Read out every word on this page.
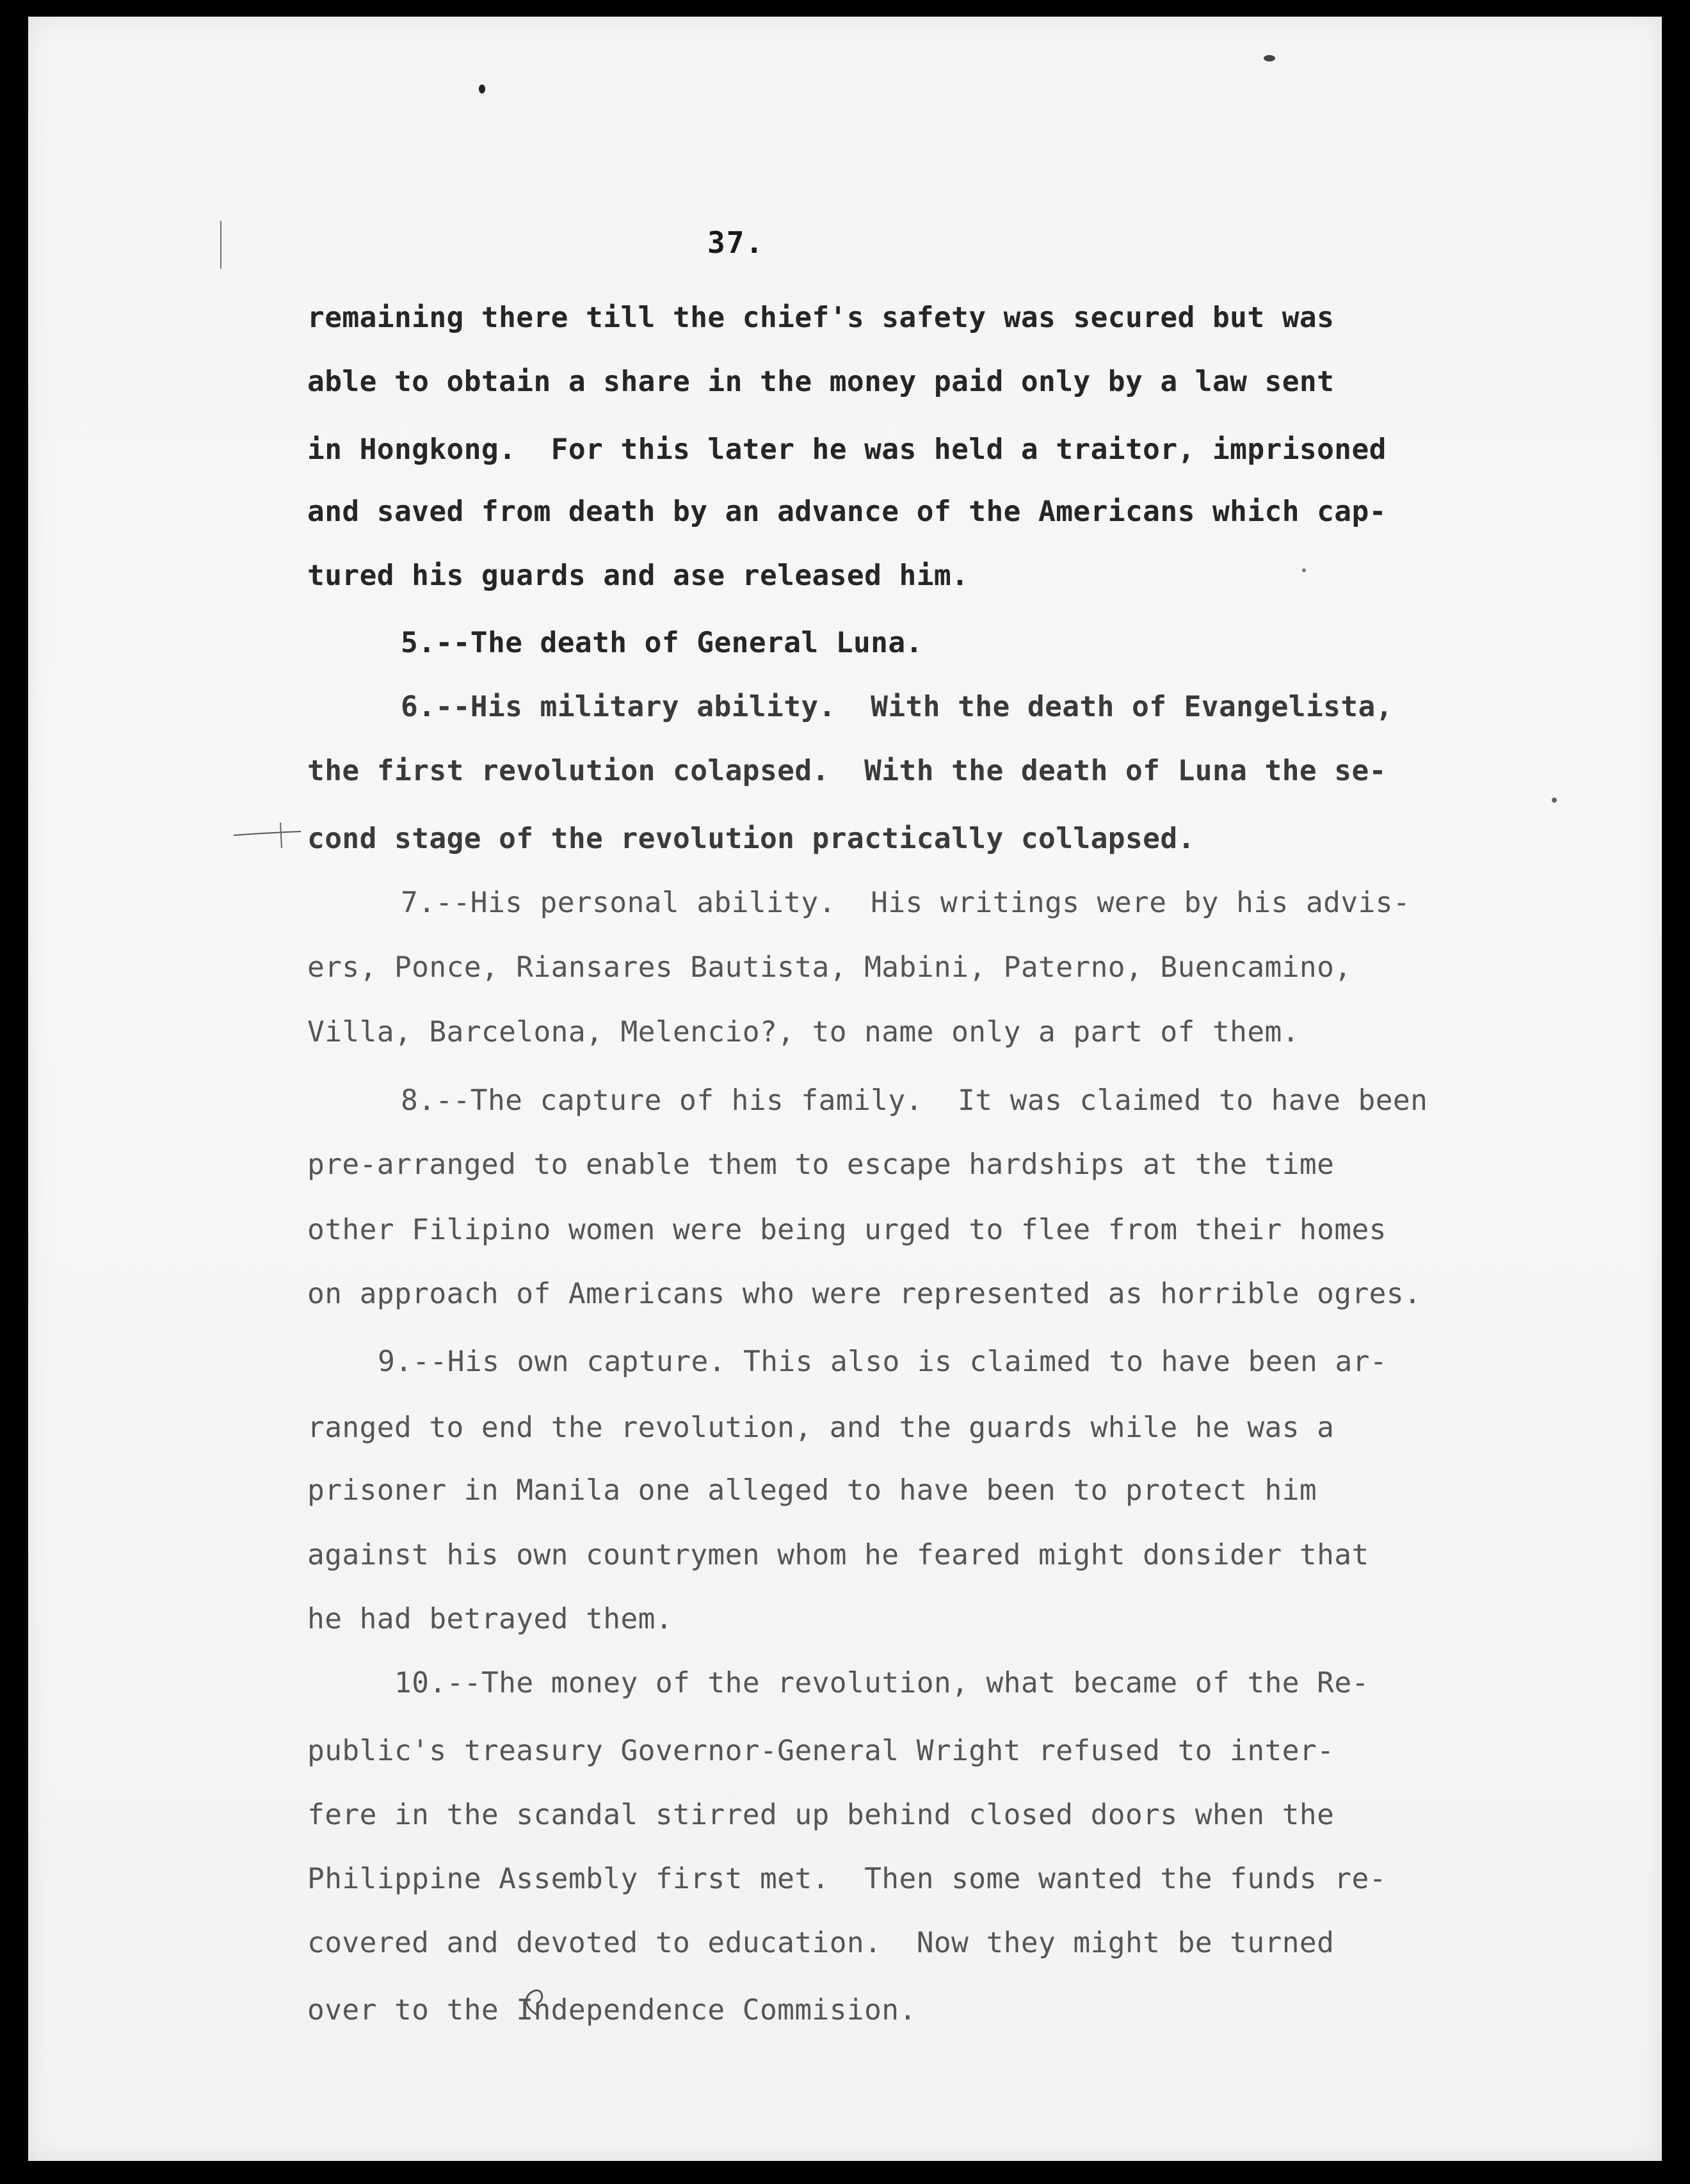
37.
remaining there till the chief's safety was secured but was
able to obtain a share in the money paid only by a law sent
in Hongkong.  For this later he was held a traitor, imprisoned
and saved from death by an advance of the Americans which cap-
tured his guards and ase released him.
5.--The death of General Luna.
6.--His military ability.  With the death of Evangelista,
the first revolution colapsed.  With the death of Luna the se-
cond stage of the revolution practically collapsed.
7.--His personal ability.  His writings were by his advis-
ers, Ponce, Riansares Bautista, Mabini, Paterno, Buencamino,
Villa, Barcelona, Melencio?, to name only a part of them.
8.--The capture of his family.  It was claimed to have been
pre-arranged to enable them to escape hardships at the time
other Filipino women were being urged to flee from their homes
on approach of Americans who were represented as horrible ogres.
9.--His own capture. This also is claimed to have been ar-
ranged to end the revolution, and the guards while he was a
prisoner in Manila one alleged to have been to protect him
against his own countrymen whom he feared might donsider that
he had betrayed them.
10.--The money of the revolution, what became of the Re-
public's treasury Governor-General Wright refused to inter-
fere in the scandal stirred up behind closed doors when the
Philippine Assembly first met.  Then some wanted the funds re-
covered and devoted to education.  Now they might be turned
over to the Independence Commision.
